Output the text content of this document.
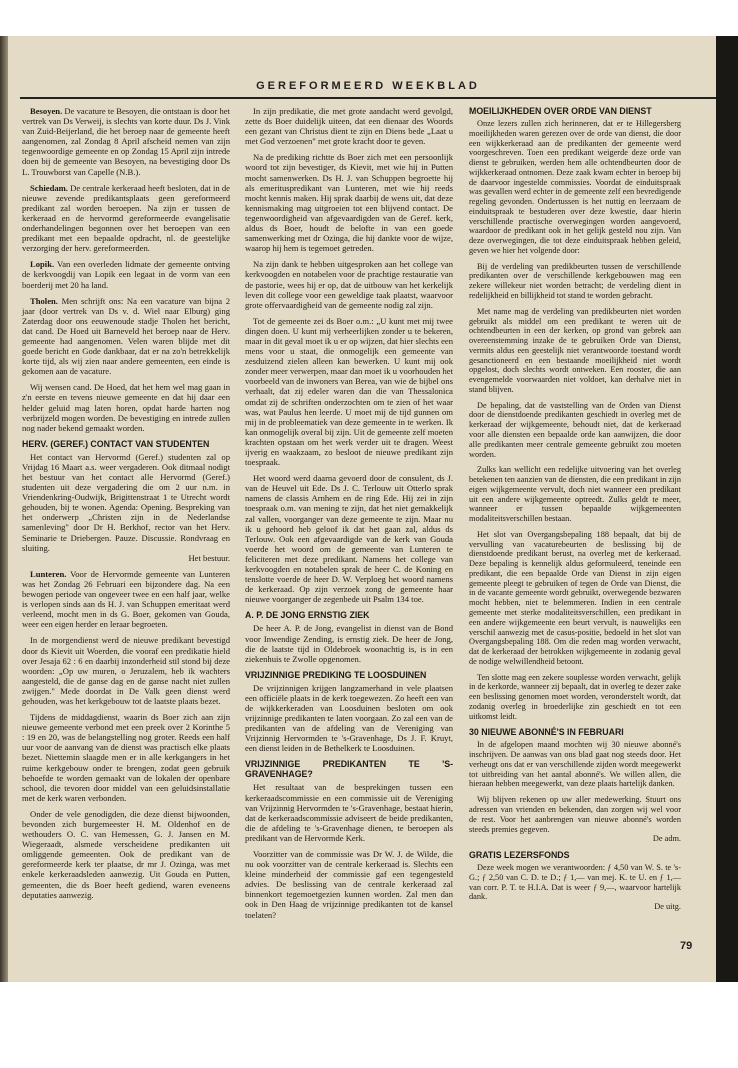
GEREFORMEERD WEEKBLAD

Besoyen. De vacature te Besoyen, die ontstaan is door het vertrek van Ds Verweij, is slechts van korte duur. Ds J. Vink van Zuid-Beijerland, die het beroep naar de gemeente heeft aangenomen, zal Zondag 8 April afscheid nemen van zijn tegenwoordige gemeente en op Zondag 15 April zijn intrede doen bij de gemeente van Besoyen, na bevestiging door Ds L. Trouwborst van Capelle (N.B.).

Schiedam. De centrale kerkeraad heeft besloten, dat in de nieuwe zevende predikantsplaats geen gereformeerd predikant zal worden beroepen. Na zijn er tussen de kerkeraad en de hervormd gereformeerde evangelisatie onderhandelingen begonnen over het beroepen van een predikant met een bepaalde opdracht, nl. de geestelijke verzorging der herv. gereformeerden.

Lopik. Van een overleden lidmate der gemeente ontving de kerkvoogdij van Lopik een legaat in de vorm van een boerderij met 20 ha land.

Tholen. Men schrijft ons: Na een vacature van bijna 2 jaar (door vertrek van Ds v. d. Wiel naar Elburg) ging Zaterdag door ons eeuwenoude stadje Tholen het bericht, dat cand. De Hoed uit Barneveld het beroep naar de Herv. gemeente had aangenomen. Velen waren blijde met dit goede bericht en Gode dankbaar, dat er na zo'n betrekkelijk korte tijd, als wij zien naar andere gemeenten, een einde is gekomen aan de vacature.

Wij wensen cand. De Hoed, dat het hem wel mag gaan in z'n eerste en tevens nieuwe gemeente en dat hij daar een helder geluid mag laten horen, opdat harde harten nog verbrijzeld mogen worden. De bevestiging en intrede zullen nog nader bekend gemaakt worden.

HERV. (GEREF.) CONTACT VAN STUDENTEN

Het contact van Hervormd (Geref.) studenten zal op Vrijdag 16 Maart a.s. weer vergaderen. Ook ditmaal nodigt het bestuur van het contact alle Hervormd (Geref.) studenten uit deze vergadering die om 2 uur n.m. in Vriendenkring-Oudwijk, Brigittenstraat 1 te Utrecht wordt gehouden, bij te wonen. Agenda: Opening. Bespreking van het onderwerp „Christen zijn in de Nederlandse samenleving" door Dr H. Berkhof, rector van het Herv. Seminarie te Driebergen. Pauze. Discussie. Rondvraag en sluiting.
Het bestuur.

Lunteren. Voor de Hervormde gemeente van Lunteren was het Zondag 26 Februari een bijzondere dag. Na een bewogen periode van ongeveer twee en een half jaar, welke is verlopen sinds aan ds H. J. van Schuppen emeritaat werd verleend, mocht men in ds G. Boer, gekomen van Gouda, weer een eigen herder en leraar begroeten.

In de morgendienst werd de nieuwe predikant bevestigd door ds Kievit uit Woerden, die vooraf een predikatie hield over Jesaja 62 : 6 en daarbij inzonderheid stil stond bij deze woorden: „Op uw muren, o Jeruzalem, heb ik wachters aangesteld, die de ganse dag en de ganse nacht niet zullen zwijgen." Mede doordat in De Valk geen dienst werd gehouden, was het kerkgebouw tot de laatste plaats bezet.

Tijdens de middagdienst, waarin ds Boer zich aan zijn nieuwe gemeente verbond met een preek over 2 Korinthe 5 : 19 en 20, was de belangstelling nog groter. Reeds een half uur voor de aanvang van de dienst was practisch elke plaats bezet. Niettemin slaagde men er in alle kerkgangers in het ruime kerkgebouw onder te brengen, zodat geen gebruik behoefde te worden gemaakt van de lokalen der openbare school, die tevoren door middel van een geluidsinstallatie met de kerk waren verbonden.

Onder de vele genodigden, die deze dienst bijwoonden, bevonden zich burgemeester H. M. Oldenhof en de wethouders O. C. van Hemessen, G. J. Jansen en M. Wiegeraadt, alsmede verscheidene predikanten uit omliggende gemeenten. Ook de predikant van de gereformeerde kerk ter plaatse, dr mr J. Ozinga, was met enkele kerkeraadsleden aanwezig. Uit Gouda en Putten, gemeenten, die ds Boer heeft gediend, waren eveneens deputaties aanwezig.

In zijn predikatie, die met grote aandacht werd gevolgd, zette ds Boer duidelijk uiteen, dat een dienaar des Woords een gezant van Christus dient te zijn en Diens bede „Laat u met God verzoenen" met grote kracht door te geven.

Na de prediking richtte ds Boer zich met een persoonlijk woord tot zijn bevestiger, ds Kievit, met wie hij in Putten mocht samenwerken. Ds H. J. van Schuppen begroette hij als emerituspredikant van Lunteren, met wie hij reeds mocht kennis maken. Hij sprak daarbij de wens uit, dat deze kennismaking mag uitgroeien tot een blijvend contact. De tegenwoordigheid van afgevaardigden van de Geref. kerk, aldus ds Boer, houdt de belofte in van een goede samenwerking met dr Ozinga, die hij dankte voor de wijze, waarop hij hem is tegemoet getreden.

Na zijn dank te hebben uitgesproken aan het college van kerkvoogden en notabelen voor de prachtige restauratie van de pastorie, wees hij er op, dat de uitbouw van het kerkelijk leven dit college voor een geweldige taak plaatst, waarvoor grote offervaardigheid van de gemeente nodig zal zijn.

Tot de gemeente zei ds Boer o.m.: „U kunt met mij twee dingen doen. U kunt mij verheerlijken zonder u te bekeren, maar in dit geval moet ik u er op wijzen, dat hier slechts een mens voor u staat, die onmogelijk een gemeente van zesduizend zielen alleen kan bewerken. U kunt mij ook zonder meer verwerpen, maar dan moet ik u voorhouden het voorbeeld van de inwoners van Berea, van wie de bijbel ons verhaalt, dat zij edeler waren dan die van Thessalonica omdat zij de schriften onderzochten om te zien of het waar was, wat Paulus hen leerde. U moet mij de tijd gunnen om mij in de probleematiek van deze gemeente in te werken. Ik kan onmogelijk overal bij zijn. Uit de gemeente zelf moeten krachten opstaan om het werk verder uit te dragen. Weest ijverig en waakzaam, zo besloot de nieuwe predikant zijn toespraak.

Het woord werd daarna gevoerd door de consulent, ds J. van de Heuvel uit Ede. Ds J. C. Terlouw uit Otterlo sprak namens de classis Arnhem en de ring Ede. Hij zei in zijn toespraak o.m. van mening te zijn, dat het niet gemakkelijk zal vallen, voorganger van deze gemeente te zijn. Maar nu ik u gehoord heb geloof ik dat het gaan zal, aldus ds Terlouw. Ook een afgevaardigde van de kerk van Gouda voerde het woord om de gemeente van Lunteren te feliciteren met deze predikant. Namens het college van kerkvoogden en notabelen sprak de heer C. de Koning en tenslotte voerde de heer D. W. Verploeg het woord namens de kerkeraad. Op zijn verzoek zong de gemeente haar nieuwe voorganger de zegenbede uit Psalm 134 toe.

A. P. DE JONG ERNSTIG ZIEK

De heer A. P. de Jong, evangelist in dienst van de Bond voor Inwendige Zending, is ernstig ziek. De heer de Jong, die de laatste tijd in Oldebroek woonachtig is, is in een ziekenhuis te Zwolle opgenomen.

VRIJZINNIGE PREDIKING TE LOOSDUINEN

De vrijzinnigen krijgen langzamerhand in vele plaatsen een officiële plaats in de kerk toegewezen. Zo heeft een van de wijkkerkeraden van Loosduinen besloten om ook vrijzinnige predikanten te laten voorgaan. Zo zal een van de predikanten van de afdeling van de Vereniging van Vrijzinnig Hervormden te 's-Gravenhage, Ds J. F. Kruyt, een dienst leiden in de Bethelkerk te Loosduinen.

VRIJZINNIGE PREDIKANTEN TE 'S-GRAVENHAGE?

Het resultaat van de besprekingen tussen een kerkeraadscommissie en een commissie uit de Vereniging van Vrijzinnig Hervormden te 's-Gravenhage, bestaat hierin, dat de kerkeraadscommissie adviseert de beide predikanten, die de afdeling te 's-Gravenhage dienen, te beroepen als predikant van de Hervormde Kerk.

Voorzitter van de commissie was Dr W. J. de Wilde, die nu ook voorzitter van de centrale kerkeraad is. Slechts een kleine minderheid der commissie gaf een tegengesteld advies. De beslissing van de centrale kerkeraad zal binnenkort tegemoetgezien kunnen worden. Zal men dan ook in Den Haag de vrijzinnige predikanten tot de kansel toelaten?

MOEILIJKHEDEN OVER ORDE VAN DIENST

Onze lezers zullen zich herinneren, dat er te Hillegersberg moeilijkheden waren gerezen over de orde van dienst, die door een wijkkerkeraad aan de predikanten der gemeente werd voorgeschreven. Toen een predikant weigerde deze orde van dienst te gebruiken, werden hem alle ochtendbeurten door de wijkkerkeraad ontnomen. Deze zaak kwam echter in beroep bij de daarvoor ingestelde commissies. Voordat de einduitspraak was gevallen werd echter in de gemeente zelf een bevredigende regeling gevonden. Ondertussen is het nuttig en leerzaam de einduitspraak te bestuderen over deze kwestie, daar hierin verschillende practische overwegingen worden aangevoerd, waardoor de predikant ook in het gelijk gesteld nou zijn. Van deze overwegingen, die tot deze einduitspraak hebben geleid, geven we hier het volgende door:

Bij de verdeling van predikbeurten tussen de verschillende predikanten over de verschillende kerkgebouwen mag een zekere willekeur niet worden betracht; de verdeling dient in redelijkheid en billijkheid tot stand te worden gebracht.

Met name mag de verdeling van predikbeurten niet worden gebruikt als middel om een predikant te weren uit de ochtendbeurten in een der kerken, op grond van gebrek aan overeenstemming inzake de te gebruiken Orde van Dienst, vermits aldus een geestelijk niet verantwoorde toestand wordt gesanctioneerd en een bestaande moeilijkheid niet wordt opgelost, doch slechts wordt ontweken. Een rooster, die aan evengemelde voorwaarden niet voldoet, kan derhalve niet in stand blijven.

De bepaling, dat de vaststelling van de Orden van Dienst door de dienstdoende predikanten geschiedt in overleg met de kerkeraad der wijkgemeente, behoudt niet, dat de kerkeraad voor alle diensten een bepaalde orde kan aanwijzen, die door alle predikanten meer centrale gemeente gebruikt zou moeten worden.

Zulks kan wellicht een redelijke uitvoering van het overleg betekenen ten aanzien van de diensten, die een predikant in zijn eigen wijkgemeente vervult, doch niet wanneer een predikant uit een andere wijkgemeente optreedt. Zulks geldt te meer, wanneer er tussen bepaalde wijkgemeenten modaliteitsverschillen bestaan.

Het slot van Overgangsbepaling 188 bepaalt, dat bij de vervulling van vacaturebeurten de beslissing bij de dienstdoende predikant berust, na overleg met de kerkeraad. Deze bepaling is kennelijk aldus geformuleerd, teneinde een predikant, die een bepaalde Orde van Dienst in zijn eigen gemeente pleegt te gebruiken of tegen de Orde van Dienst, die in de vacante gemeente wordt gebruikt, overwegende bezwaren mocht hebben, niet te belemmeren. Indien in een centrale gemeente met sterke modaliteitsverschillen, een predikant in een andere wijkgemeente een beurt vervult, is nauwelijks een verschil aanwezig met de casus-positie, bedoeld in het slot van Overgangsbepaling 188. Om die reden mag worden verwacht, dat de kerkeraad der betrokken wijkgemeente in zodanig geval de nodige welwillendheid betoont.

Ten slotte mag een zekere souplesse worden verwacht, gelijk in de kerkorde, wanneer zij bepaalt, dat in overleg te dezer zake een beslissing genomen moet worden, veronderstelt wordt, dat zodanig overleg in broederlijke zin geschiedt en tot een uitkomst leidt.

30 NIEUWE ABONNÉ'S IN FEBRUARI

In de afgelopen maand mochten wij 30 nieuwe abonné's inschrijven. De aanwas van ons blad gaat nog steeds door. Het verheugt ons dat er van verschillende zijden wordt meegewerkt tot uitbreiding van het aantal abonné's. We willen allen, die hieraan hebben meegewerkt, van deze plaats hartelijk danken.

Wij blijven rekenen op uw aller medewerking. Stuurt ons adressen van vrienden en bekenden, dan zorgen wij wel voor de rest. Voor het aanbrengen van nieuwe abonné's worden steeds premies gegeven.
De adm.

GRATIS LEZERSFONDS

Deze week mogen we verantwoorden: ƒ 4,50 van W. S. te 's-G.; ƒ 2,50 van C. D. te D.; ƒ 1,— van mej. K. te U. en ƒ 1,— van corr. P. T. te H.I.A. Dat is weer ƒ 9,—, waarvoor hartelijk dank.
De uitg.

79
